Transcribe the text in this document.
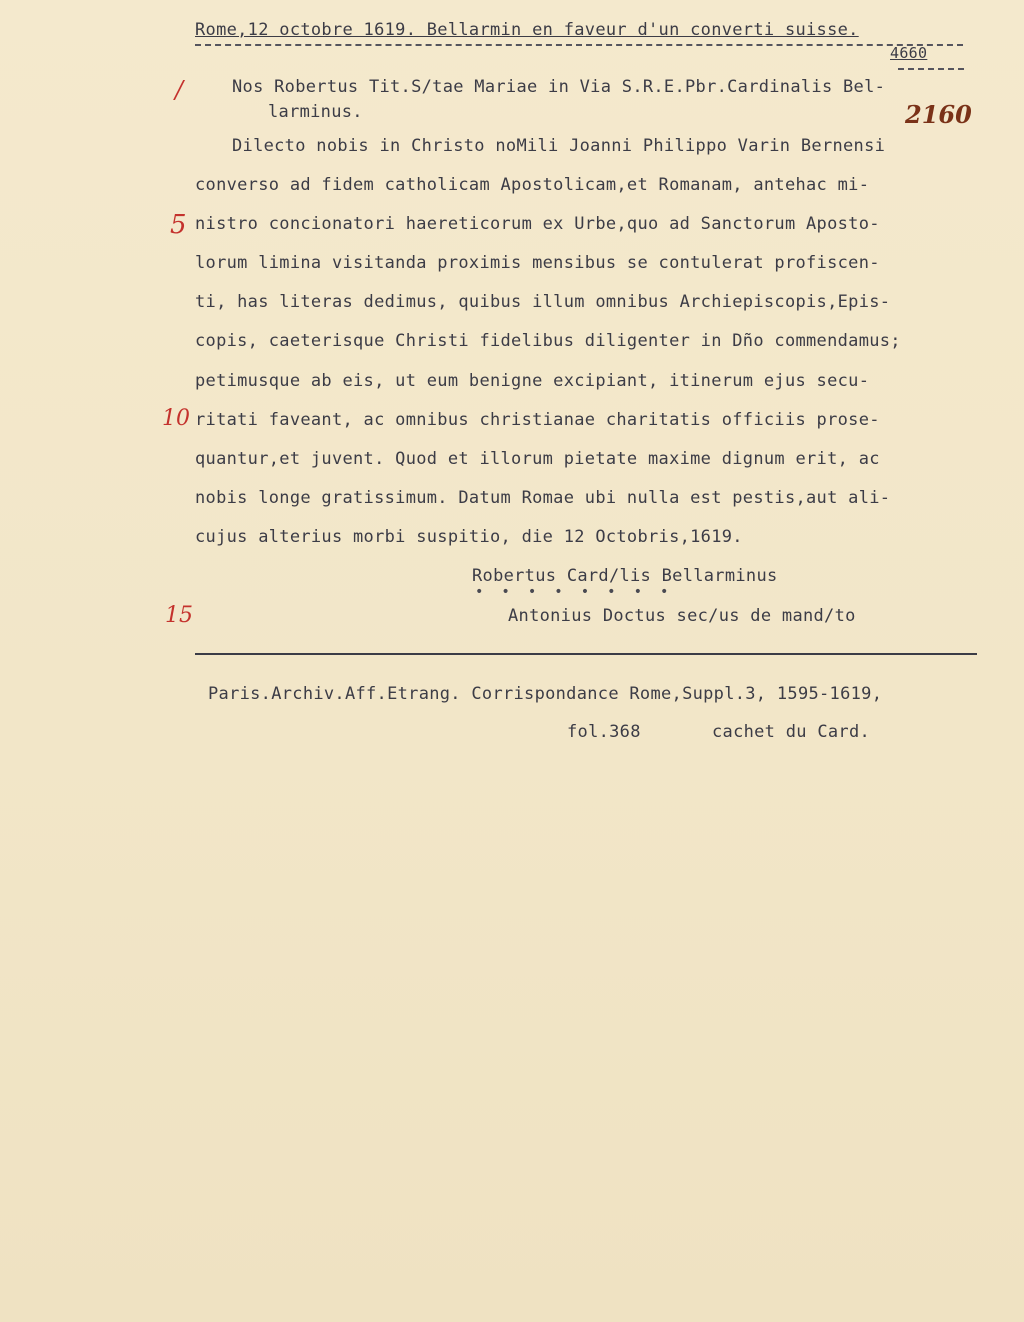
Rome,12 octobre 1619. Bellarmin en faveur d'un converti suisse.
4660
2160
/
5
10
15
Nos Robertus Tit.S/tae Mariae in Via S.R.E.Pbr.Cardinalis Bel-
larminus.
Dilecto nobis in Christo noMili Joanni Philippo Varin Bernensi
converso ad fidem catholicam Apostolicam,et Romanam, antehac mi-
nistro concionatori haereticorum ex Urbe,quo ad Sanctorum Aposto-
lorum limina visitanda proximis mensibus se contulerat profiscen-
ti, has literas dedimus, quibus illum omnibus Archiepiscopis,Epis-
copis, caeterisque Christi fidelibus diligenter in Dño commendamus;
petimusque ab eis, ut eum benigne excipiant, itinerum ejus secu-
ritati faveant, ac omnibus christianae charitatis officiis prose-
quantur,et juvent. Quod et illorum pietate maxime dignum erit, ac
nobis longe gratissimum. Datum Romae ubi nulla est pestis,aut ali-
cujus alterius morbi suspitio, die 12 Octobris,1619.
Robertus Card/lis Bellarminus
••••••••
Antonius Doctus sec/us de mand/to
Paris.Archiv.Aff.Etrang. Corrispondance Rome,Suppl.3, 1595-1619,
fol.368	cachet du Card.
